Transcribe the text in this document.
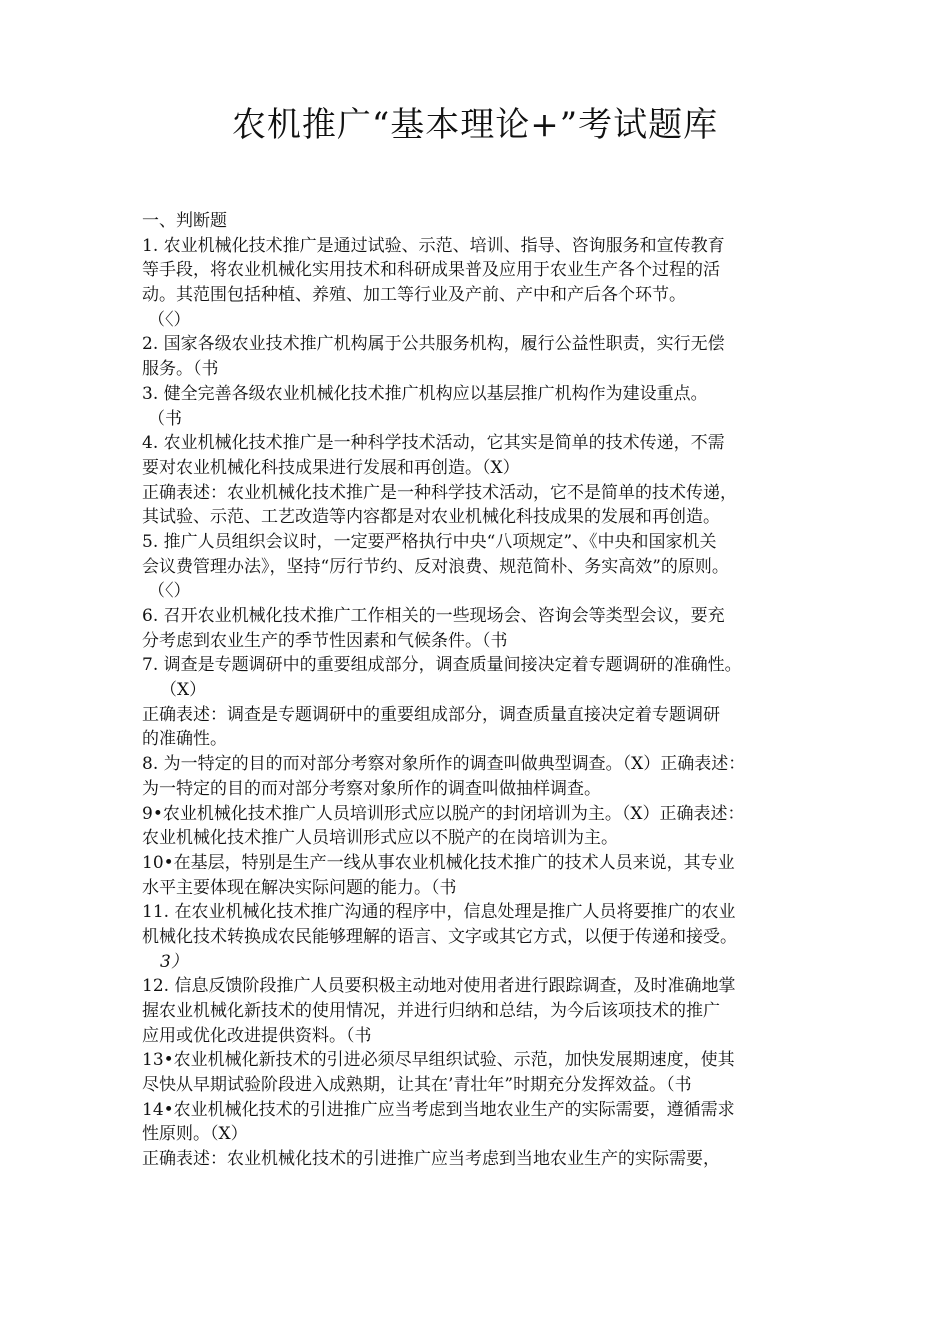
农机推广“基本理论+”考试题库
一、判断题
1. 农业机械化技术推广是通过试验、示范、培训、指导、咨询服务和宣传教育
等手段，将农业机械化实用技术和科研成果普及应用于农业生产各个过程的活
动。其范围包括种植、养殖、加工等行业及产前、产中和产后各个环节。
（〈）
2. 国家各级农业技术推广机构属于公共服务机构，履行公益性职责，实行无偿
服务。（书
3. 健全完善各级农业机械化技术推广机构应以基层推广机构作为建设重点。
（书
4. 农业机械化技术推广是一种科学技术活动，它其实是简单的技术传递，不需
要对农业机械化科技成果进行发展和再创造。（X）
正确表述：农业机械化技术推广是一种科学技术活动，它不是简单的技术传递，
其试验、示范、工艺改造等内容都是对农业机械化科技成果的发展和再创造。
5. 推广人员组织会议时，一定要严格执行中央“八项规定”、《中央和国家机关
会议费管理办法》，坚持“厉行节约、反对浪费、规范简朴、务实高效”的原则。
（〈）
6. 召开农业机械化技术推广工作相关的一些现场会、咨询会等类型会议，要充
分考虑到农业生产的季节性因素和气候条件。（书
7. 调查是专题调研中的重要组成部分，调查质量间接决定着专题调研的准确性。
（X）
正确表述：调查是专题调研中的重要组成部分，调查质量直接决定着专题调研
的准确性。
8. 为一特定的目的而对部分考察对象所作的调查叫做典型调查。（X）正确表述：
为一特定的目的而对部分考察对象所作的调查叫做抽样调查。
9•农业机械化技术推广人员培训形式应以脱产的封闭培训为主。（X）正确表述：
农业机械化技术推广人员培训形式应以不脱产的在岗培训为主。
10•在基层，特别是生产一线从事农业机械化技术推广的技术人员来说，其专业
水平主要体现在解决实际问题的能力。（书
11. 在农业机械化技术推广沟通的程序中，信息处理是推广人员将要推广的农业
机械化技术转换成农民能够理解的语言、文字或其它方式，以便于传递和接受。
3）
12. 信息反馈阶段推广人员要积极主动地对使用者进行跟踪调查，及时准确地掌
握农业机械化新技术的使用情况，并进行归纳和总结，为今后该项技术的推广
应用或优化改进提供资料。（书
13•农业机械化新技术的引进必须尽早组织试验、示范，加快发展期速度，使其
尽快从早期试验阶段进入成熟期，让其在’青壮年”时期充分发挥效益。（书
14•农业机械化技术的引进推广应当考虑到当地农业生产的实际需要，遵循需求
性原则。（X）
正确表述：农业机械化技术的引进推广应当考虑到当地农业生产的实际需要，
